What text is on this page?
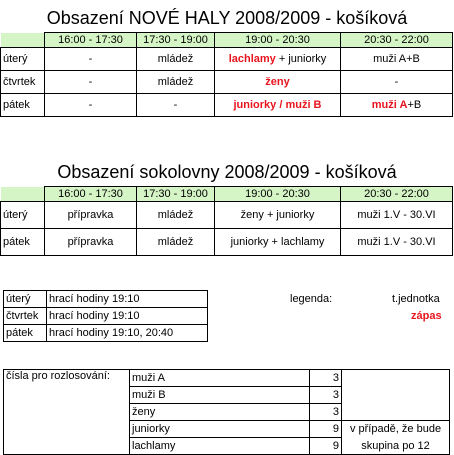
Obsazení NOVÉ HALY 2008/2009 - košíková
	16:00 - 17:30	17:30 - 19:00	19:00 - 20:30	20:30 - 22:00
úterý	-	mládež	lachlamy + juniorky	muži A+B
čtvrtek	-	mládež	ženy	-
pátek	-	-	juniorky / muži B	muži A+B
Obsazení sokolovny 2008/2009 - košíková
	16:00 - 17:30	17:30 - 19:00	19:00 - 20:30	20:30 - 22:00
úterý	přípravka	mládež	ženy + juniorky	muži 1.V - 30.VI
pátek	přípravka	mládež	juniorky + lachlamy	muži 1.V - 30.VI
úterý	hrací hodiny 19:10
čtvrtek	hrací hodiny 19:10
pátek	hrací hodiny 19:10, 20:40
legenda:	t.jednotka
zápas
čísla pro rozlosování:	muži A	3	
	muži B	3	
	ženy	3	
	juniorky	9	v případě, že bude
	lachlamy	9	skupina po 12
